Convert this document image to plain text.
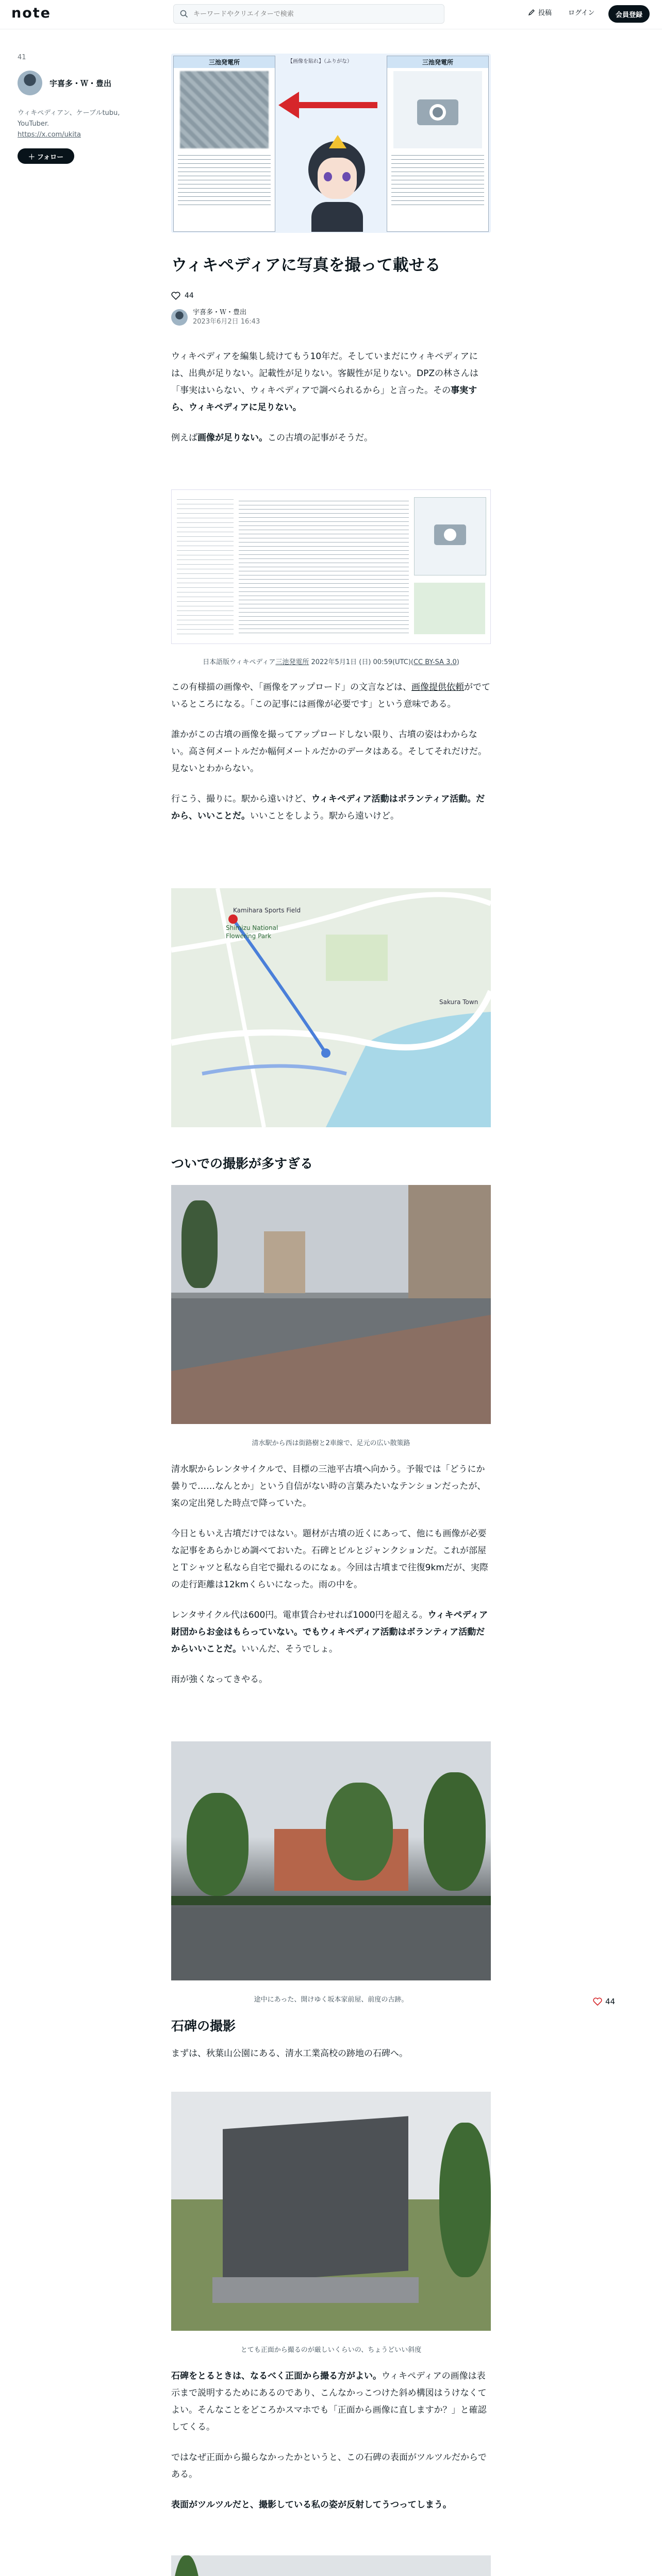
note
キーワードやクリエイターで検索	投稿 ログイン	会員登録
41
宇喜多・Ｗ・豊出
ウィキペディアン、ケーブルtubu,
YouTuber.
https://x.com/ukita
＋ フォロー
三池発電所	【画像を貼れ】（ふりがな）	三池発電所
ウィキペディアに写真を撮って載せる
44
宇喜多・Ｗ・豊出
2023年6月2日 16:43

ウィキペディアを編集し続けてもう10年だ。そしていまだにウィキペディアには、出典が足りない。記載性が足りない。客観性が足りない。DPZの林さんは「事実はいらない、ウィキペディアで調べられるから」と言った。その事実すら、ウィキペディアに足りない。

例えば画像が足りない。この古墳の記事がそうだ。

日本語版ウィキペディア三池発電所 2022年5月1日 (日) 00:59(UTC)(CC BY-SA 3.0)

この有様描の画像や、「画像をアップロード」の文言などは、画像提供依頼がでているところになる。「この記事には画像が必要です」という意味である。

誰かがこの古墳の画像を撮ってアップロードしない限り、古墳の姿はわからない。高さ何メートルだか幅何メートルだかのデータはある。そしてそれだけだ。見ないとわからない。

行こう、撮りに。駅から遠いけど、ウィキペディア活動はボランティア活動。だから、いいことだ。いいことをしよう。駅から遠いけど。

Shimizu National
Flowering Park
Kamihara Sports Field
Sakura Town
ついでの撮影が多すぎる
清水駅から西は街路樹と2車線で、足元の広い散策路

清水駅からレンタサイクルで、目標の三池平古墳へ向かう。予報では「どうにか曇りで……なんとか」という自信がない時の言葉みたいなテンションだったが、案の定出発した時点で降っていた。

今日ともいえ古墳だけではない。題材が古墳の近くにあって、他にも画像が必要な記事をあらかじめ調べておいた。石碑とビルとジャンクションだ。これが部屋とＴシャツと私なら自宅で撮れるのになぁ。今回は古墳まで往復9kmだが、実際の走行距離は12kmくらいになった。雨の中を。

レンタサイクル代は600円。電車賃合わせれば1000円を超える。ウィキペディア財団からお金はもらっていない。でもウィキペディア活動はボランティア活動だからいいことだ。いいんだ、そうでしょ。

雨が強くなってきやる。

途中にあった、開けゆく坂本家前屋、前度の古跡。
石碑の撮影

まずは、秋葉山公園にある、清水工業高校の跡地の石碑へ。

とても正面から撮るのが厳しいくらいの、ちょうどいい斜度

石碑をとるときは、なるべく正面から撮る方がよい。ウィキペディアの画像は表示まで説明するためにあるのであり、こんなかっこつけた斜め構図はうけなくてよい。そんなことをどころかスマホでも「正面から画像に直しますか？」と確認してくる。

ではなぜ正面から撮らなかったかというと、この石碑の表面がツルツルだからである。

表面がツルツルだと、撮影している私の姿が反射してうつってしまう。

44
